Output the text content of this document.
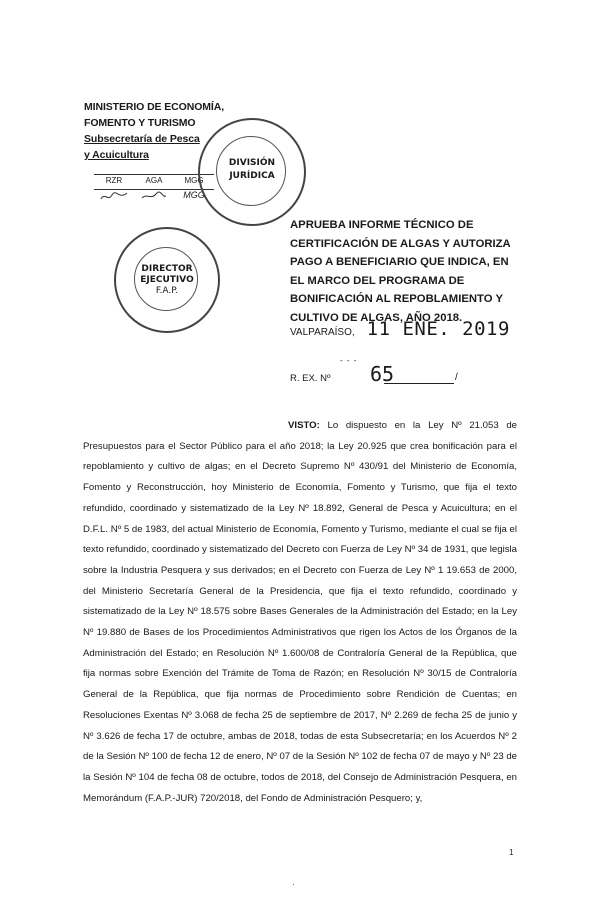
MINISTERIO DE ECONOMÍA,
FOMENTO Y TURISMO
Subsecretaría de Pesca
y Acuicultura
RZR	AGA	MGG
MGG
DIVISIÓN
JURÍDICA
DIRECTOR
EJECUTIVO
F.A.P.
APRUEBA INFORME TÉCNICO DE CERTIFICACIÓN DE ALGAS Y AUTORIZA PAGO A BENEFICIARIO QUE INDICA, EN EL MARCO DEL PROGRAMA DE BONIFICACIÓN AL REPOBLAMIENTO Y CULTIVO DE ALGAS, AÑO 2018.
VALPARAÍSO, 11 ENE. 2019
- - -
R. EX. Nº 65	/
VISTO: Lo dispuesto en la Ley Nº 21.053 de Presupuestos para el Sector Público para el año 2018; la Ley 20.925 que crea bonificación para el repoblamiento y cultivo de algas; en el Decreto Supremo Nº 430/91 del Ministerio de Economía, Fomento y Reconstrucción, hoy Ministerio de Economía, Fomento y Turismo, que fija el texto refundido, coordinado y sistematizado de la Ley Nº 18.892, General de Pesca y Acuicultura; en el D.F.L. Nº 5 de 1983, del actual Ministerio de Economía, Fomento y Turismo, mediante el cual se fija el texto refundido, coordinado y sistematizado del Decreto con Fuerza de Ley Nº 34 de 1931, que legisla sobre la Industria Pesquera y sus derivados; en el Decreto con Fuerza de Ley Nº 1 19.653 de 2000, del Ministerio Secretaría General de la Presidencia, que fija el texto refundido, coordinado y sistematizado de la Ley Nº 18.575 sobre Bases Generales de la Administración del Estado; en la Ley Nº 19.880 de Bases de los Procedimientos Administrativos que rigen los Actos de los Órganos de la Administración del Estado; en Resolución Nº 1.600/08 de Contraloría General de la República, que fija normas sobre Exención del Trámite de Toma de Razón; en Resolución Nº 30/15 de Contraloría General de la República, que fija normas de Procedimiento sobre Rendición de Cuentas; en Resoluciones Exentas Nº 3.068 de fecha 25 de septiembre de 2017, Nº 2.269 de fecha 25 de junio y Nº 3.626 de fecha 17 de octubre, ambas de 2018, todas de esta Subsecretaría; en los Acuerdos Nº 2 de la Sesión Nº 100 de fecha 12 de enero, Nº 07 de la Sesión Nº 102 de fecha 07 de mayo y Nº 23 de la Sesión Nº 104 de fecha 08 de octubre, todos de 2018, del Consejo de Administración Pesquera, en Memorándum (F.A.P.-JUR) 720/2018, del Fondo de Administración Pesquero; y,
1
·
